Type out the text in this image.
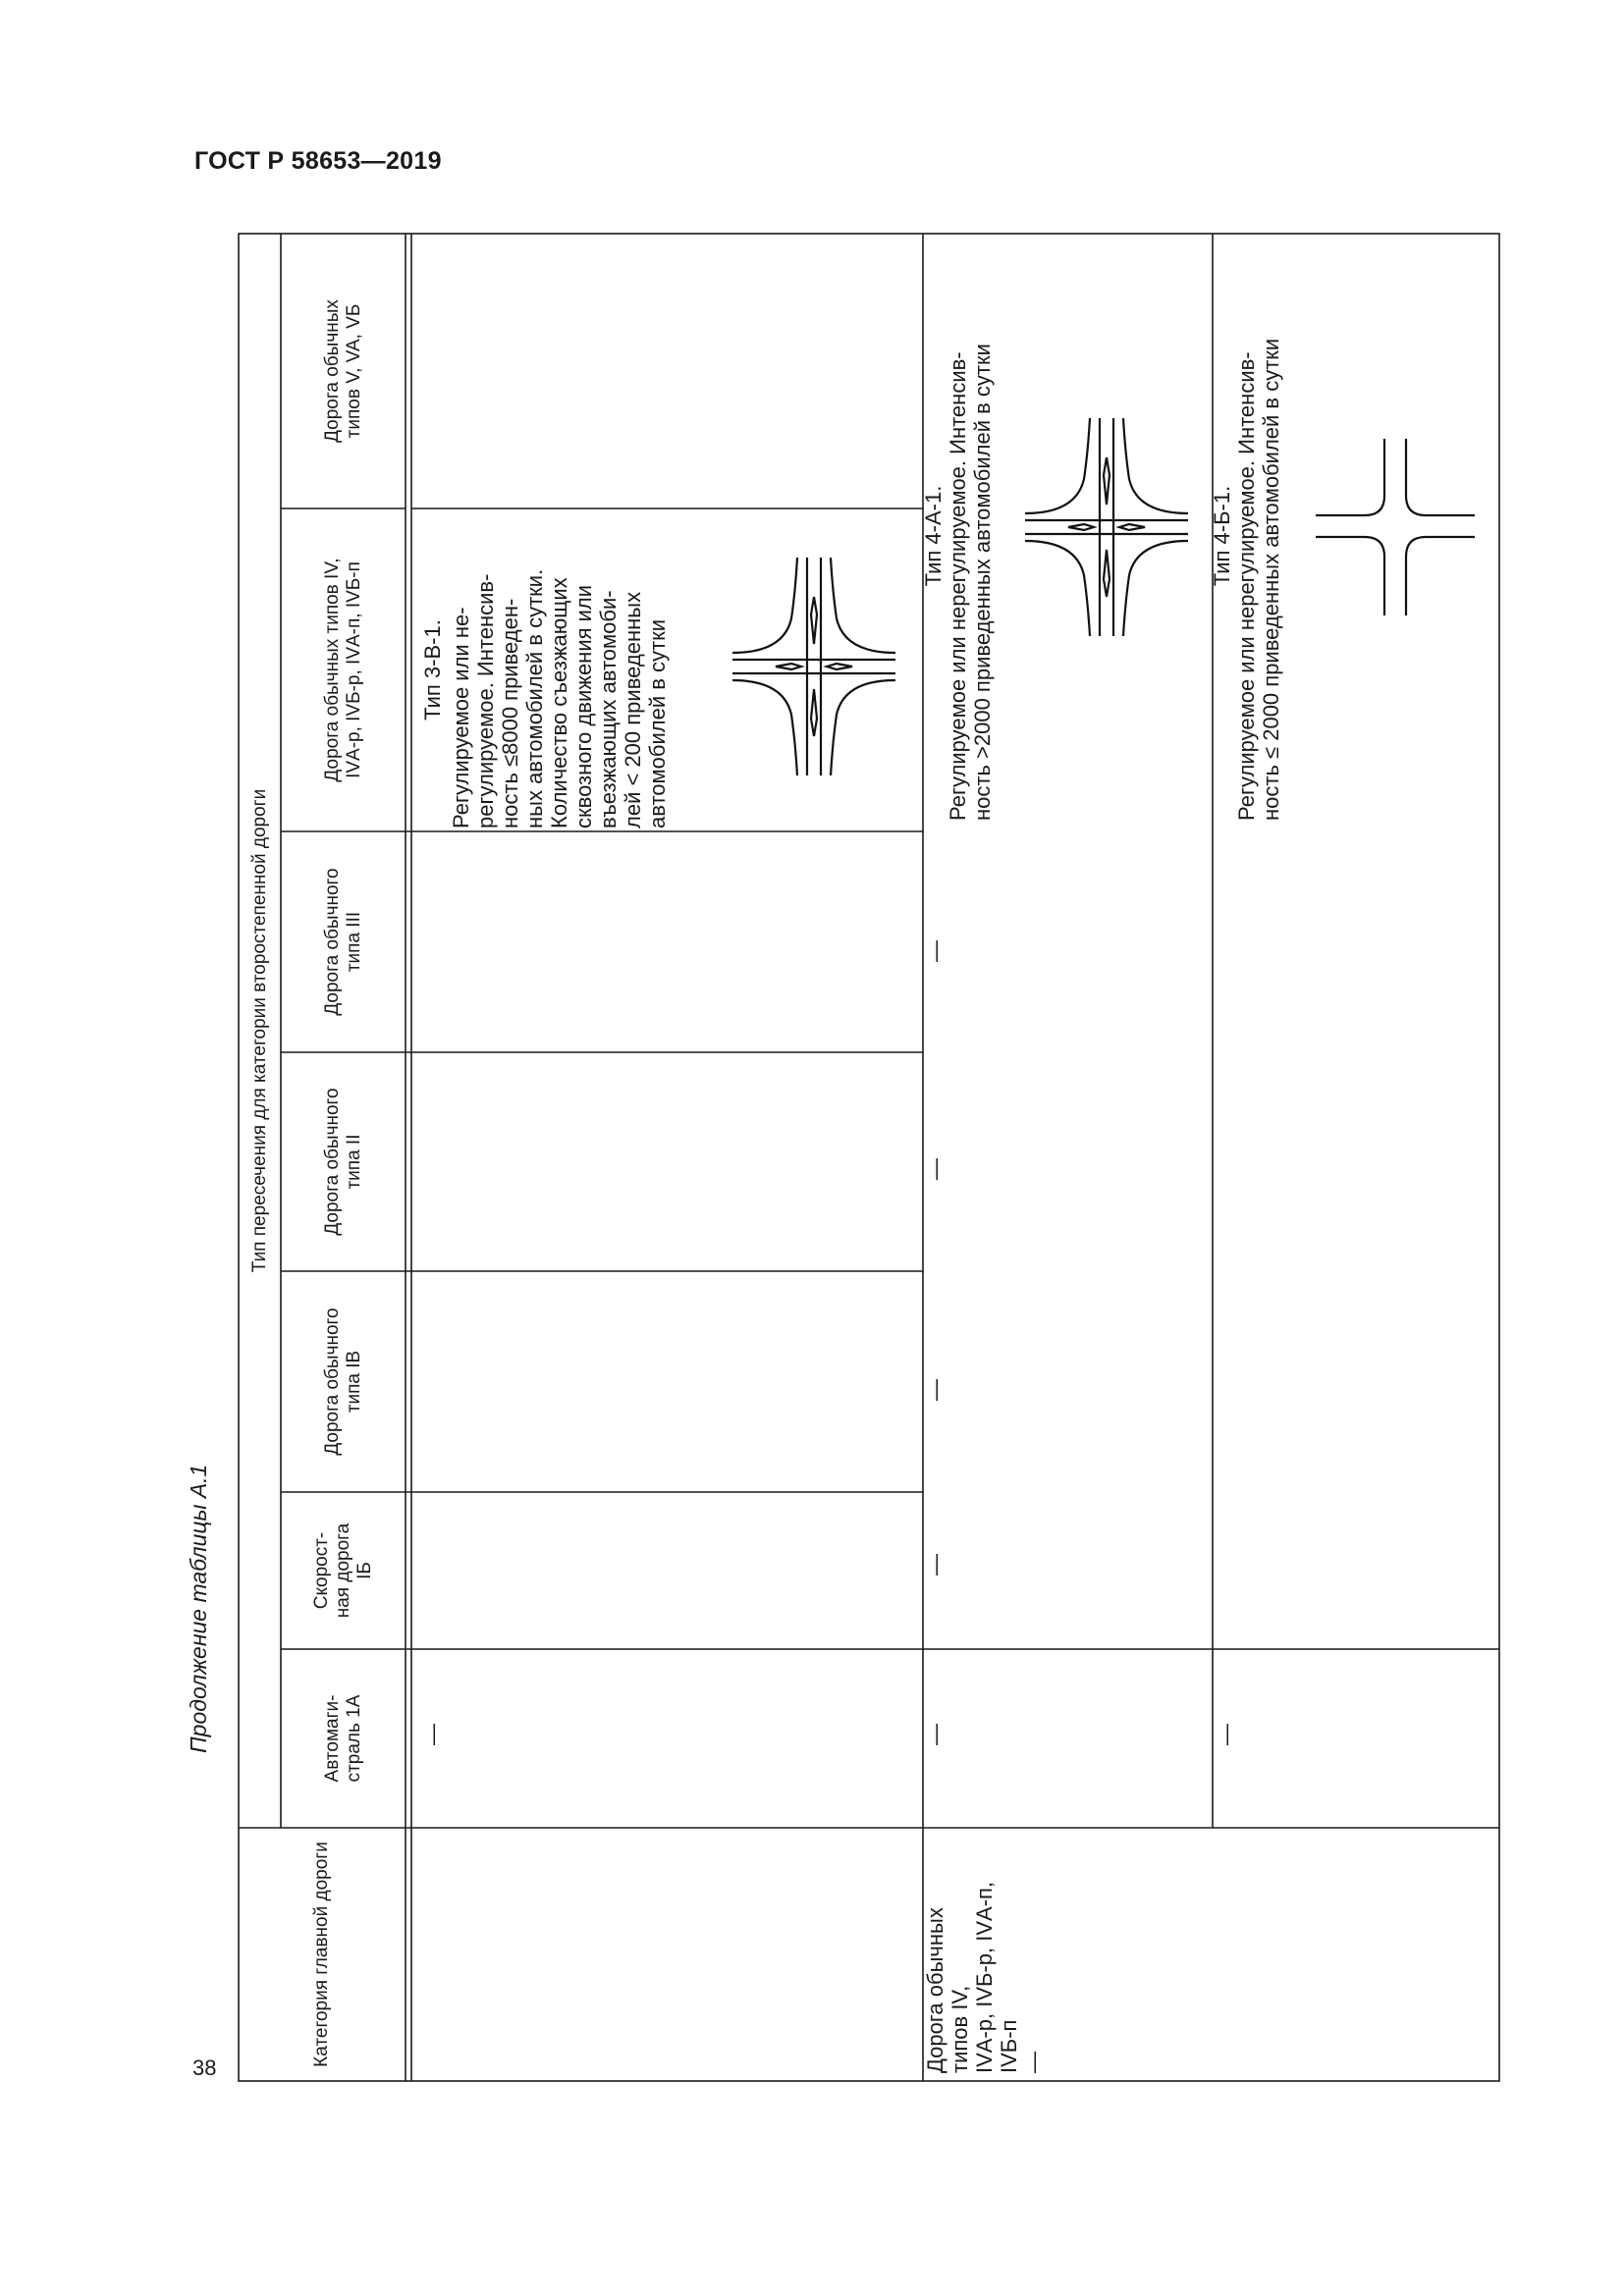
ГОСТ Р 58653—2019
Продолжение таблицы А.1
Тип пересечения для категории второстепенной дороги
Категория главной дороги
Автомаги-
страль 1А
Скорост-
ная дорога
IБ
Дорога обычного
типа IВ
Дорога обычного
типа II
Дорога обычного
типа III
Дорога обычных типов IV,
IVА-р, IVБ-р, IVА-п, IVБ-п
Дорога обычных
типов V, VA, VБ
—
Тип 3-В-1.
Регулируемое или не-
регулируемое. Интенсив-
ность ≤8000 приведен-
ных автомобилей в сутки.
Количество съезжающих
сквозного движения или
въезжающих автомоби-
лей < 200 приведенных
автомобилей в сутки
Дорога обычных
типов IV,
IVА-р, IVБ-р, IVА-п,
IVБ-п
—
—	—
—
—
—
—
Тип 4-А-1.
Регулируемое или нерегулируемое. Интенсив-
ность >2000 приведенных автомобилей в сутки
Тип 4-Б-1.
Регулируемое или нерегулируемое. Интенсив-
ность ≤ 2000 приведенных автомобилей в сутки
38
